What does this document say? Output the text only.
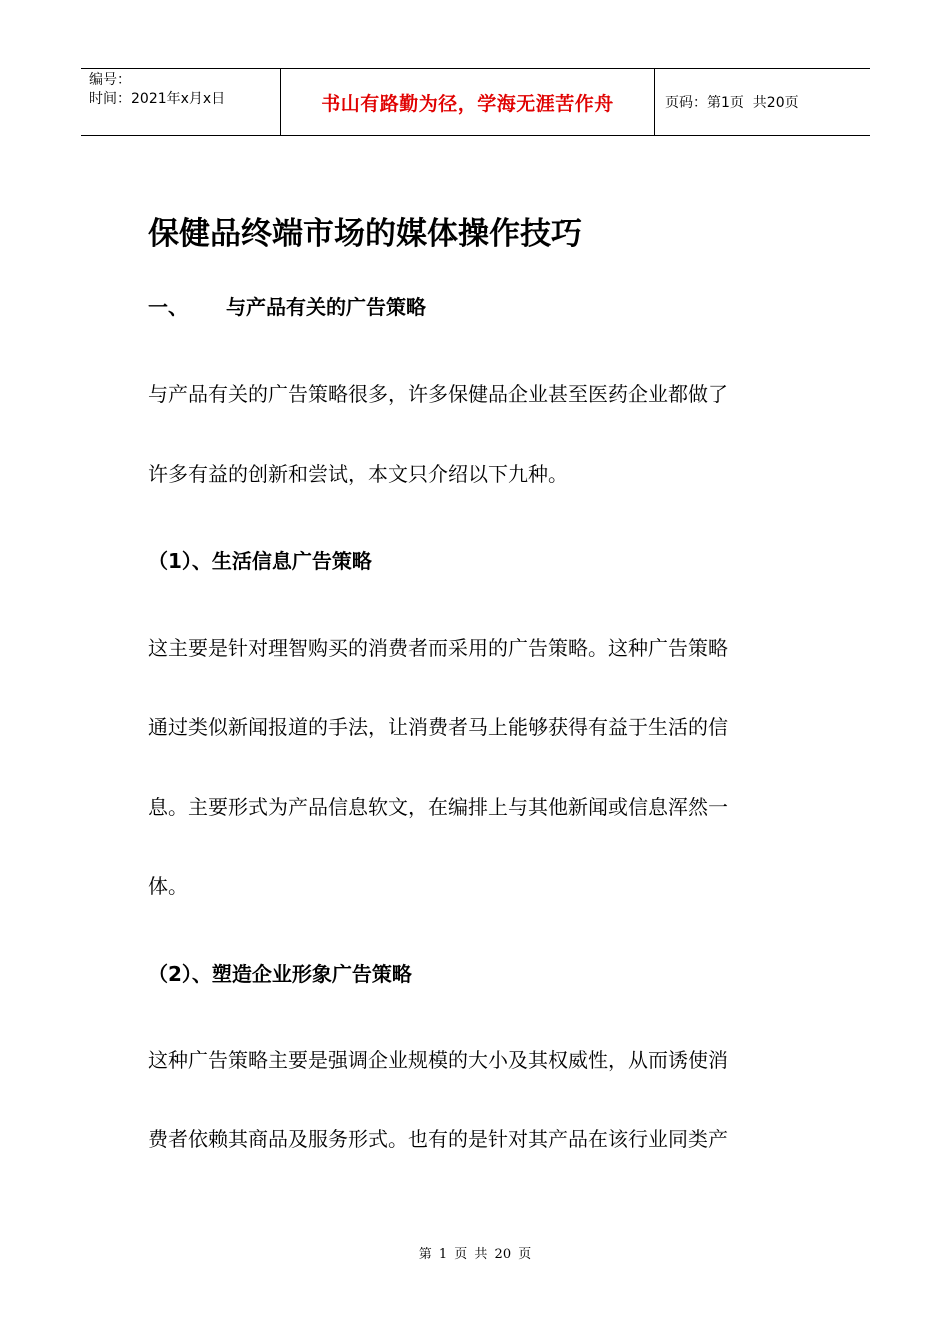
编号：
时间：2021年x月x日	书山有路勤为径，学海无涯苦作舟	页码：第1页  共20页
保健品终端市场的媒体操作技巧
一、 与产品有关的广告策略
与产品有关的广告策略很多，许多保健品企业甚至医药企业都做了
许多有益的创新和尝试，本文只介绍以下九种。
（1）、生活信息广告策略
这主要是针对理智购买的消费者而采用的广告策略。这种广告策略
通过类似新闻报道的手法，让消费者马上能够获得有益于生活的信
息。主要形式为产品信息软文，在编排上与其他新闻或信息浑然一
体。
（2）、塑造企业形象广告策略
这种广告策略主要是强调企业规模的大小及其权威性，从而诱使消
费者依赖其商品及服务形式。也有的是针对其产品在该行业同类产
第 1 页 共 20 页
